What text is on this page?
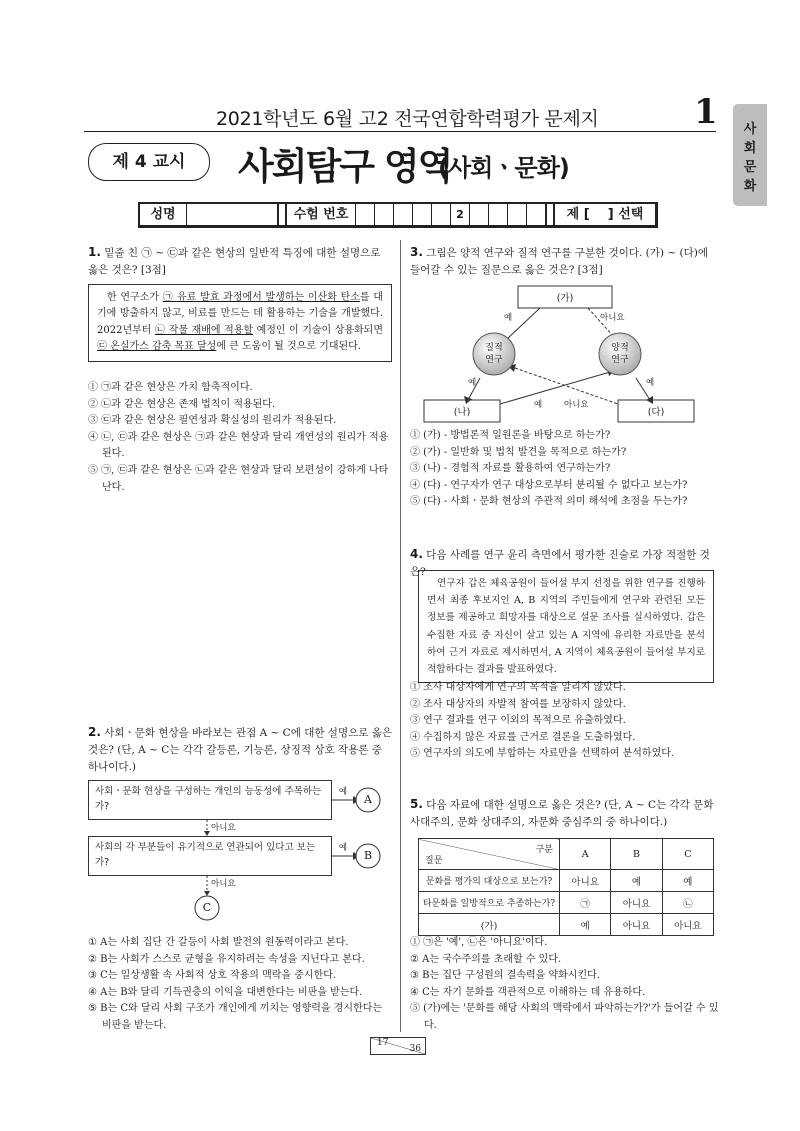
2021학년도 6월 고2 전국연합학력평가 문제지	1	사
회
문
화
제 4 교시	사회탐구 영역
(사회ㆍ문화)
성명	수험 번호	2	제 [    ] 선택
1. 밑줄 친 ㉠ ~ ㉢과 같은 현상의 일반적 특징에 대한 설명으로 옳은 것은? [3점]
한 연구소가 ㉠ 유료 발효 과정에서 발생하는 이산화 탄소를 대기에 방출하지 않고, 비료를 만드는 데 활용하는 기술을 개발했다. 2022년부터 ㉡ 작물 재배에 적용할 예정인 이 기술이 상용화되면 ㉢ 온실가스 감축 목표 달성에 큰 도움이 될 것으로 기대된다.
① ㉠과 같은 현상은 가치 함축적이다.
② ㉡과 같은 현상은 존재 법칙이 적용된다.
③ ㉢과 같은 현상은 필연성과 확실성의 원리가 적용된다.
④ ㉡, ㉢과 같은 현상은 ㉠과 같은 현상과 달리 개연성의 원리가 적용된다.
⑤ ㉠, ㉢과 같은 현상은 ㉡과 같은 현상과 달리 보편성이 강하게 나타난다.
2. 사회ㆍ문화 현상을 바라보는 관점 A ~ C에 대한 설명으로 옳은 것은? (단, A ~ C는 각각 갈등론, 기능론, 상징적 상호 작용론 중 하나이다.)
사회ㆍ문화 현상을 구성하는 개인의 능동성에 주목하는가?
사회의 각 부분들이 유기적으로 연관되어 있다고 보는가?
예
예
아니요
아니요
A
B
C
① A는 사회 집단 간 갈등이 사회 발전의 원동력이라고 본다.
② B는 사회가 스스로 균형을 유지하려는 속성을 지닌다고 본다.
③ C는 일상생활 속 사회적 상호 작용의 맥락을 중시한다.
④ A는 B와 달리 기득권층의 이익을 대변한다는 비판을 받는다.
⑤ B는 C와 달리 사회 구조가 개인에게 끼치는 영향력을 경시한다는 비판을 받는다.
3. 그림은 양적 연구와 질적 연구를 구분한 것이다. (가) ~ (다)에 들어갈 수 있는 질문으로 옳은 것은? [3점]
(가)
(나)	(다)
질적
연구
양적
연구
예	아니요
예	예
예	아니요
① (가) - 방법론적 일원론을 바탕으로 하는가?
② (가) - 일반화 및 법칙 발견을 목적으로 하는가?
③ (나) - 경험적 자료를 활용하여 연구하는가?
④ (다) - 연구자가 연구 대상으로부터 분리될 수 없다고 보는가?
⑤ (다) - 사회ㆍ문화 현상의 주관적 의미 해석에 초점을 두는가?
4. 다음 사례를 연구 윤리 측면에서 평가한 진술로 가장 적절한 것은?
연구자 갑은 체육공원이 들어설 부지 선정을 위한 연구를 진행하면서 최종 후보지인 A, B 지역의 주민들에게 연구와 관련된 모든 정보를 제공하고 희망자를 대상으로 설문 조사를 실시하였다. 갑은 수집한 자료 중 자신이 살고 있는 A 지역에 유리한 자료만을 분석하여 근거 자료로 제시하면서, A 지역이 체육공원이 들어설 부지로 적합하다는 결과를 발표하였다.
① 조사 대상자에게 연구의 목적을 알리지 않았다.
② 조사 대상자의 자발적 참여를 보장하지 않았다.
③ 연구 결과를 연구 이외의 목적으로 유출하였다.
④ 수집하지 않은 자료를 근거로 결론을 도출하였다.
⑤ 연구자의 의도에 부합하는 자료만을 선택하여 분석하였다.
5. 다음 자료에 대한 설명으로 옳은 것은? (단, A ~ C는 각각 문화 사대주의, 문화 상대주의, 자문화 중심주의 중 하나이다.)
구분
질문	A	B	C
문화를 평가의 대상으로 보는가?	아니요	예	예
타문화를 일방적으로 추종하는가?	㉠	아니요	㉡
(가)	예	아니요	아니요
① ㉠은 '예', ㉡은 '아니요'이다.
② A는 국수주의를 초래할 수 있다.
③ B는 집단 구성원의 결속력을 약화시킨다.
④ C는 자기 문화를 객관적으로 이해하는 데 유용하다.
⑤ (가)에는 '문화를 해당 사회의 맥락에서 파악하는가?'가 들어갈 수 있다.
17
36
